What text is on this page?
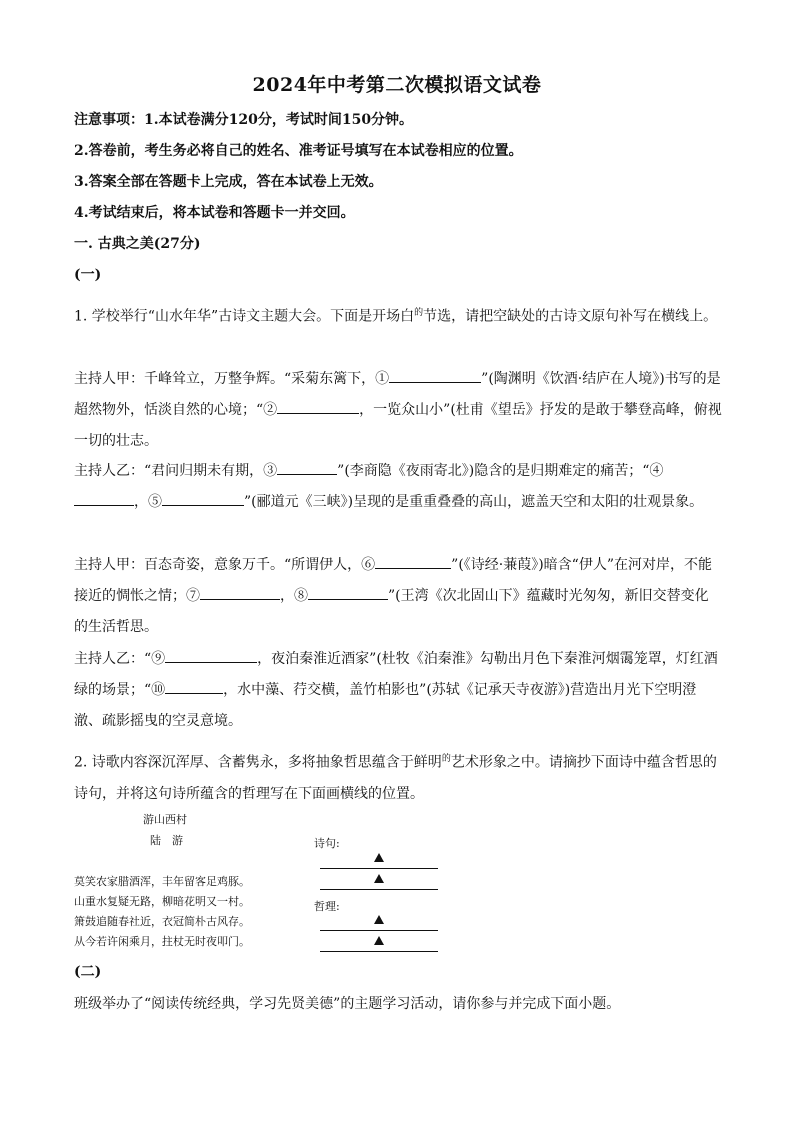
2024年中考第二次模拟语文试卷
注意事项：1.本试卷满分120分，考试时间150分钟。
2.答卷前，考生务必将自己的姓名、准考证号填写在本试卷相应的位置。
3.答案全部在答题卡上完成，答在本试卷上无效。
4.考试结束后，将本试卷和答题卡一并交回。
一. 古典之美(27分)
(一)
1. 学校举行“山水年华”古诗文主题大会。下面是开场白$^的$节选，请把空缺处的古诗文原句补写在横线上。
主持人甲：千峰耸立，万整争辉。“采菊东篱下，①	”(陶渊明《饮酒·结庐在人境》)书写的是超然物外，恬淡自然的心境；“②	，一览众山小”(杜甫《望岳》抒发的是敢于攀登高峰，俯视一切的壮志。
主持人乙：“君问归期未有期，③	”(李商隐《夜雨寄北》)隐含的是归期难定的痛苦；“④，⑤	”(郦道元《三峡》)呈现的是重重叠叠的高山，遮盖天空和太阳的壮观景象。
主持人甲：百态奇姿，意象万千。“所谓伊人，⑥	”(《诗经·蒹葭》)暗含“伊人”在河对岸，不能接近的惆怅之情；⑦	，⑧	”(王湾《次北固山下》蕴藏时光匆匆，新旧交替变化的生活哲思。
主持人乙：“⑨	，夜泊秦淮近酒家”(杜牧《泊秦淮》勾勒出月色下秦淮河烟霭笼罩，灯红酒绿的场景；“⑩	，水中藻、荇交横，盖竹柏影也”(苏轼《记承天寺夜游》)营造出月光下空明澄澈、疏影摇曳的空灵意境。
2. 诗歌内容深沉浑厚、含蓄隽永，多将抽象哲思蕴含于鲜明$^的$艺术形象之中。请摘抄下面诗中蕴含哲思的诗句，并将这句诗所蕴含的哲理写在下面画横线的位置。
游山西村
陆　游
莫笑农家腊酒浑，丰年留客足鸡豚。
山重水复疑无路，柳暗花明又一村。
箫鼓追随春社近，衣冠简朴古风存。
从今若许闲乘月，拄杖无时夜叩门。
诗句:
哲理:
(二)
班级举办了“阅读传统经典，学习先贤美德”的主题学习活动，请你参与并完成下面小题。
